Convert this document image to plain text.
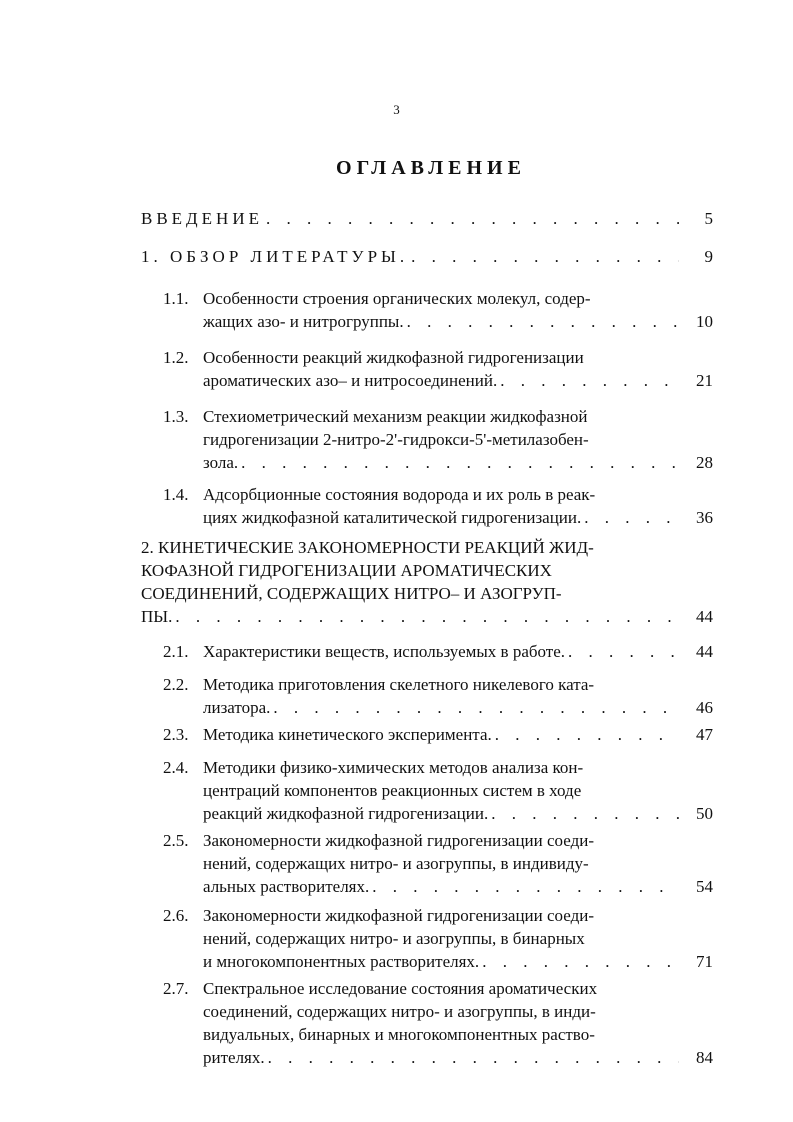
3
ОГЛАВЛЕНИЕ
ВВЕДЕНИЕ . . .	5
1. ОБЗОР ЛИТЕРАТУРЫ. . . .	9
1.1. Особенности строения органических молекул, содер-
жащих азо- и нитрогруппы. . . .	10
1.2. Особенности реакций жидкофазной гидрогенизации
ароматических азо– и нитросоединений. . . .	21
1.3. Стехиометрический механизм реакции жидкофазной
гидрогенизации 2-нитро-2'-гидрокси-5'-метилазобен-
зола. . . .	28
1.4. Адсорбционные состояния водорода и их роль в реак-
циях жидкофазной каталитической гидрогенизации. . . .	36
2. КИНЕТИЧЕСКИЕ ЗАКОНОМЕРНОСТИ РЕАКЦИЙ ЖИД-
КОФАЗНОЙ ГИДРОГЕНИЗАЦИИ АРОМАТИЧЕСКИХ
СОЕДИНЕНИЙ, СОДЕРЖАЩИХ НИТРО– И АЗОГРУП-
ПЫ. . . .	44
2.1. Характеристики веществ, используемых в работе. . . .	44
2.2. Методика приготовления скелетного никелевого ката-
лизатора. . . .	46
2.3. Методика кинетического эксперимента. . . .	47
2.4. Методики физико-химических методов анализа кон-
центраций компонентов реакционных систем в ходе
реакций жидкофазной гидрогенизации. . . .	50
2.5. Закономерности жидкофазной гидрогенизации соеди-
нений, содержащих нитро- и азогруппы, в индивиду-
альных растворителях. . . .	54
2.6. Закономерности жидкофазной гидрогенизации соеди-
нений, содержащих нитро- и азогруппы, в бинарных
и многокомпонентных растворителях. . . .	71
2.7. Спектральное исследование состояния ароматических
соединений, содержащих нитро- и азогруппы, в инди-
видуальных, бинарных и многокомпонентных раство-
рителях. . . .	84
